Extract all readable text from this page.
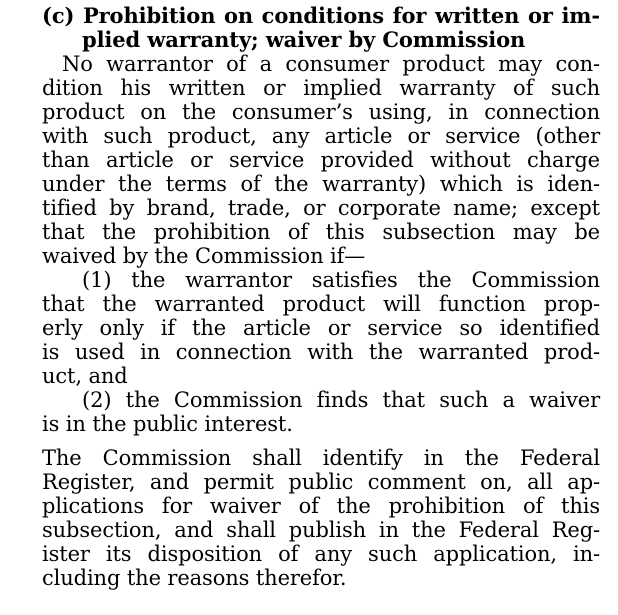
(c) Prohibition on conditions for written or im-
plied warranty; waiver by Commission
No warrantor of a consumer product may con-
dition his written or implied warranty of such
product on the consumer’s using, in connection
with such product, any article or service (other
than article or service provided without charge
under the terms of the warranty) which is iden-
tified by brand, trade, or corporate name; except
that the prohibition of this subsection may be
waived by the Commission if—
(1) the warrantor satisfies the Commission
that the warranted product will function prop-
erly only if the article or service so identified
is used in connection with the warranted prod-
uct, and
(2) the Commission finds that such a waiver
is in the public interest.
The Commission shall identify in the Federal
Register, and permit public comment on, all ap-
plications for waiver of the prohibition of this
subsection, and shall publish in the Federal Reg-
ister its disposition of any such application, in-
cluding the reasons therefor.
